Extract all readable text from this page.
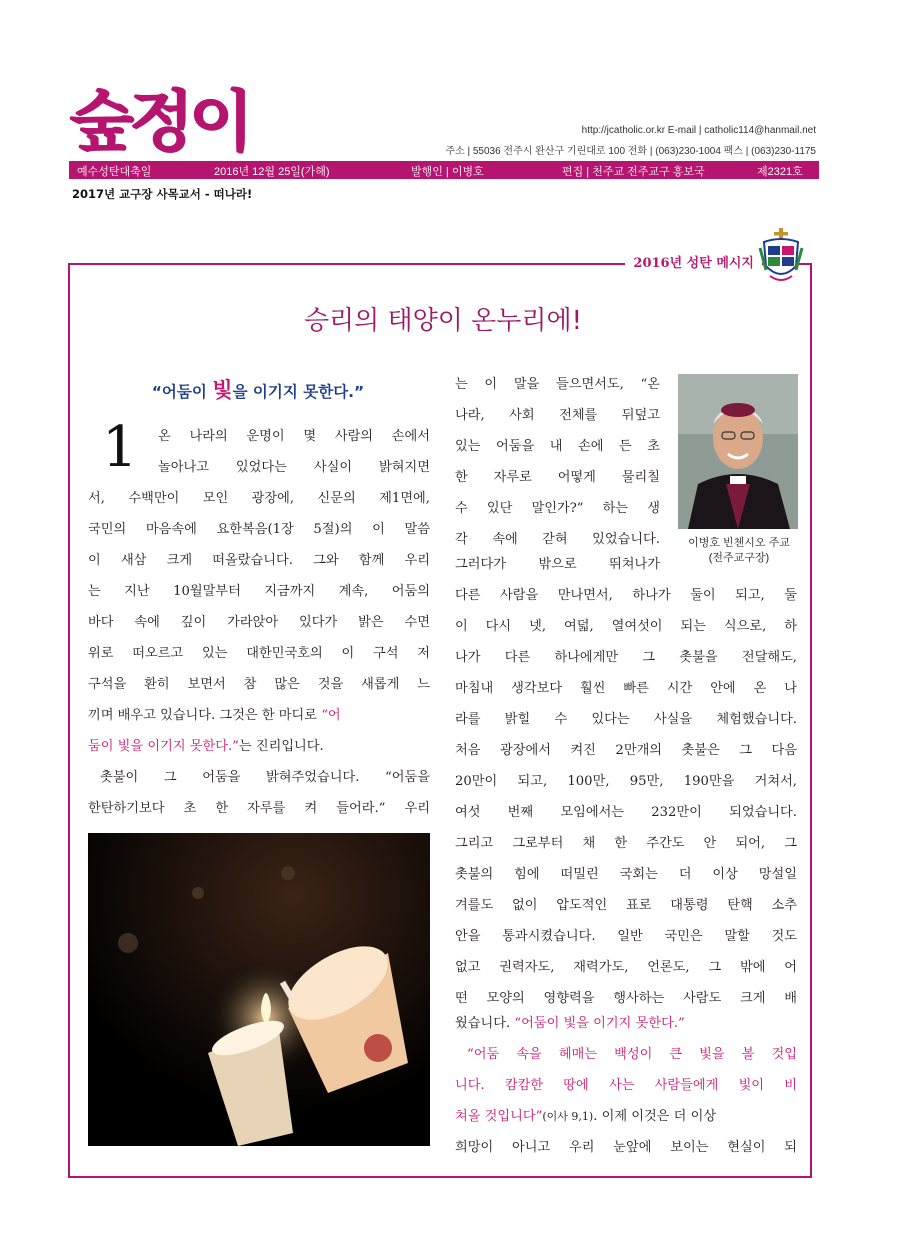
숲정이	http://jcatholic.or.kr E-mail | catholic114@hanmail.net
주소 | 55036 전주시 완산구 기린대로 100 전화 | (063)230-1004 팩스 | (063)230-1175
예수성탄대축일	2016년 12월 25일(가해)	발행인 | 이병호	편집 | 천주교 전주교구 홍보국	제2321호
2017년 교구장 사목교서 - 떠나라!
2016년 성탄 메시지
승리의 태양이 온누리에!
“어둠이 빛을 이기지 못한다.”
1 온 나라의 운명이 몇 사람의 손에서
놀아나고 있었다는 사실이 밝혀지면
서, 수백만이 모인 광장에, 신문의 제1면에,
국민의 마음속에 요한복음(1장 5절)의 이 말씀
이 새삼 크게 떠올랐습니다. 그와 함께 우리
는 지난 10월말부터 지금까지 계속, 어둠의
바다 속에 깊이 가라앉아 있다가 밝은 수면
위로 떠오르고 있는 대한민국호의 이 구석 저
구석을 환히 보면서 참 많은 것을 새롭게 느
끼며 배우고 있습니다. 그것은 한 마디로 “어
둠이 빛을 이기지 못한다.”는 진리입니다.
촛불이 그 어둠을 밝혀주었습니다. “어둠을
한탄하기보다 초 한 자루를 켜 들어라.” 우리
는 이 말을 들으면서도, “온
나라, 사회 전체를 뒤덮고
있는 어둠을 내 손에 든 초
한 자루로 어떻게 물리칠
수 있단 말인가?” 하는 생
각 속에 갇혀 있었습니다.
그러다가 밖으로 뛰쳐나가
이병호 빈첸시오 주교
(전주교구장)
다른 사람을 만나면서, 하나가 둘이 되고, 둘
이 다시 넷, 여덟, 열여섯이 되는 식으로, 하
나가 다른 하나에게만 그 촛불을 전달해도,
마침내 생각보다 훨씬 빠른 시간 안에 온 나
라를 밝힐 수 있다는 사실을 체험했습니다.
처음 광장에서 켜진 2만개의 촛불은 그 다음
20만이 되고, 100만, 95만, 190만을 거쳐서,
여섯 번째 모임에서는 232만이 되었습니다.
그리고 그로부터 채 한 주간도 안 되어, 그
촛불의 힘에 떠밀린 국회는 더 이상 망설일
겨를도 없이 압도적인 표로 대통령 탄핵 소추
안을 통과시켰습니다. 일반 국민은 말할 것도
없고 권력자도, 재력가도, 언론도, 그 밖에 어
떤 모양의 영향력을 행사하는 사람도 크게 배
웠습니다. “어둠이 빛을 이기지 못한다.”
“어둠 속을 헤매는 백성이 큰 빛을 볼 것입
니다. 캄캄한 땅에 사는 사람들에게 빛이 비
쳐올 것입니다”(이사 9,1). 이제 이것은 더 이상
희망이 아니고 우리 눈앞에 보이는 현실이 되
